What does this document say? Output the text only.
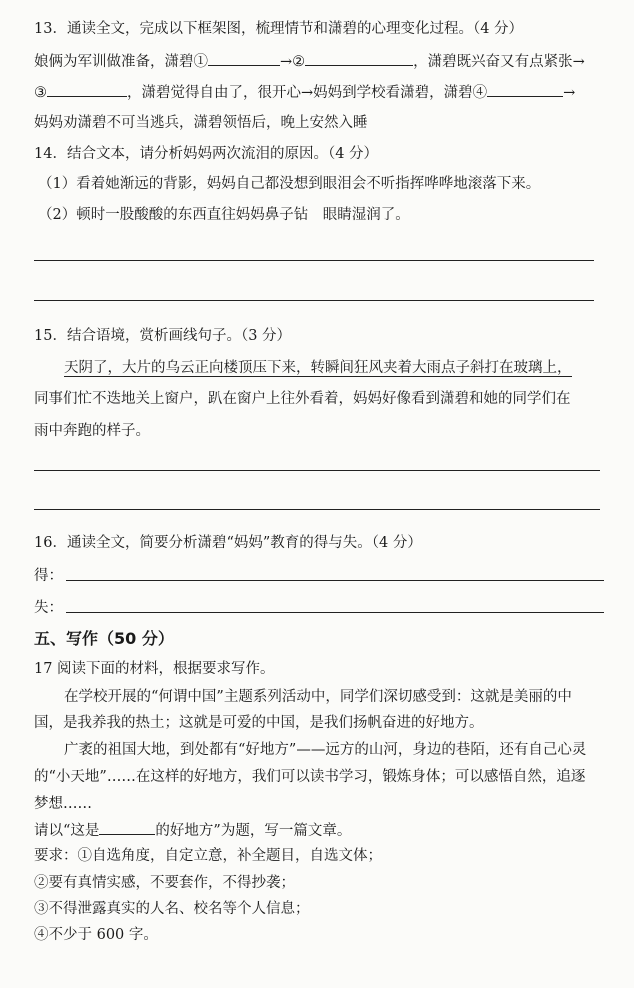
13．通读全文，完成以下框架图，梳理情节和潇碧的心理变化过程。（4 分）
娘俩为军训做准备，潇碧①	→②	，潇碧既兴奋又有点紧张→
③	，潇碧觉得自由了，很开心→妈妈到学校看潇碧，潇碧④	→
妈妈劝潇碧不可当逃兵，潇碧领悟后，晚上安然入睡
14．结合文本，请分析妈妈两次流泪的原因。（4 分）
（1）看着她渐远的背影，妈妈自己都没想到眼泪会不听指挥哗哗地滚落下来。
（2）顿时一股酸酸的东西直往妈妈鼻子钻　眼睛湿润了。
15．结合语境，赏析画线句子。（3 分）
天阴了，大片的乌云正向楼顶压下来，转瞬间狂风夹着大雨点子斜打在玻璃上，
同事们忙不迭地关上窗户，趴在窗户上往外看着，妈妈好像看到潇碧和她的同学们在
雨中奔跑的样子。
16．通读全文，简要分析潇碧“妈妈”教育的得与失。（4 分）
得：
失：
五、写作（50 分）
17 阅读下面的材料，根据要求写作。
在学校开展的“何谓中国”主题系列活动中，同学们深切感受到：这就是美丽的中
国，是我养我的热土；这就是可爱的中国，是我们扬帆奋进的好地方。
广袤的祖国大地，到处都有“好地方”——远方的山河，身边的巷陌，还有自己心灵
的“小天地”……在这样的好地方，我们可以读书学习，锻炼身体；可以感悟自然，追逐
梦想……
请以“这是	的好地方”为题，写一篇文章。
要求：①自选角度，自定立意，补全题目，自选文体；
②要有真情实感，不要套作，不得抄袭；
③不得泄露真实的人名、校名等个人信息；
④不少于 600 字。
